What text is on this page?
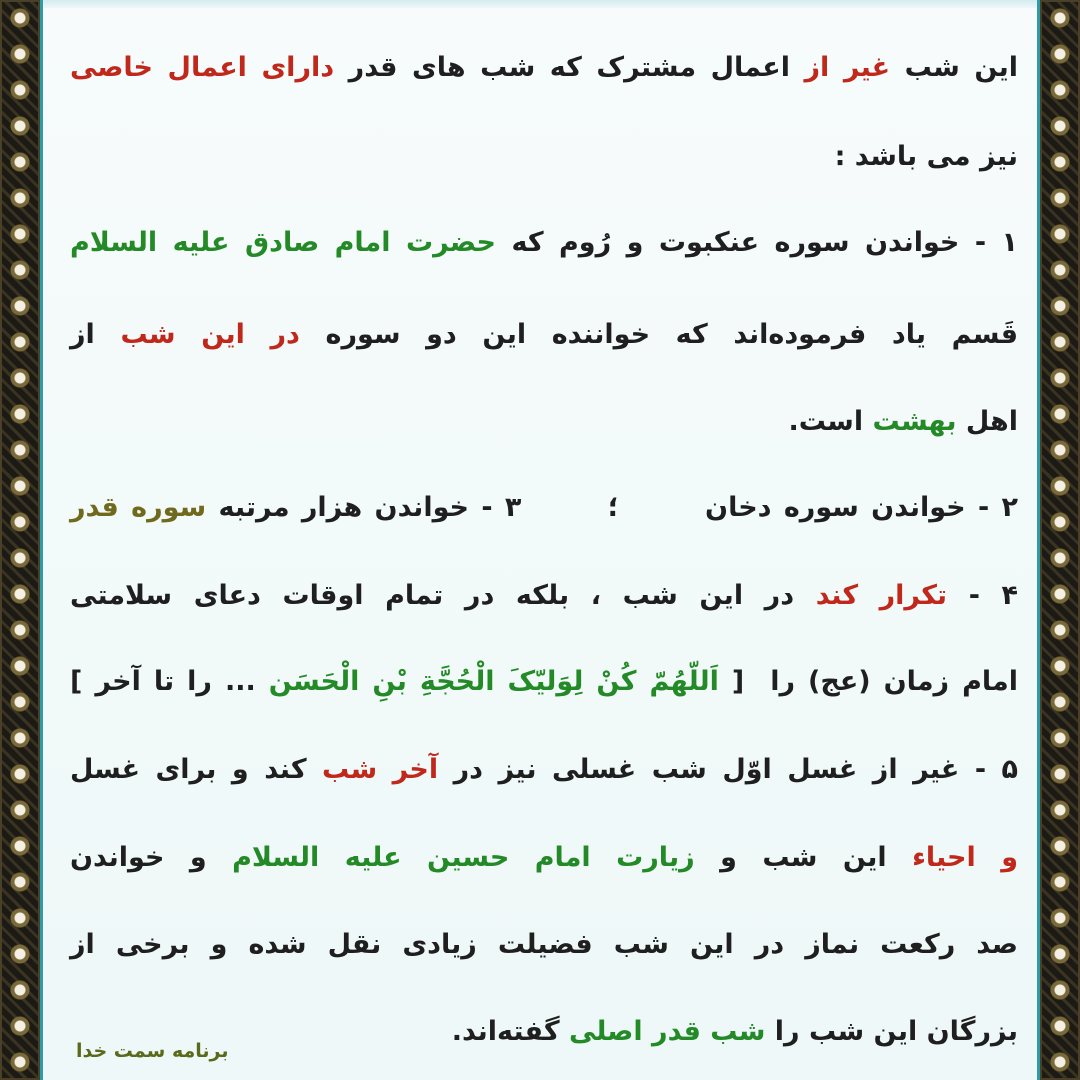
این شب غیر از اعمال مشترک که شب های قدر دارای اعمال خاصی
نیز می باشد :
۱ - خواندن سوره عنکبوت و رُوم که حضرت امام صادق علیه السلام
قَسم یاد فرموده‌اند که خواننده این دو سوره در این شب از
اهل بهشت است.
۲ - خواندن سوره دخان       ؛       ۳ - خواندن هزار مرتبه سوره قدر
۴ - تکرار کند در این شب ، بلکه در تمام اوقات دعای سلامتی
امام زمان (عج) را  [ اَللّهُمّ کُنْ لِوَلیّکَ الْحُجَّةِ بْنِ الْحَسَن ... را تا آخر ]
۵ - غیر از غسل اوّل شب غسلی نیز در آخر شب کند و برای غسل
و احیاء این شب و زیارت امام حسین علیه السلام و خواندن
صد رکعت نماز در این شب فضیلت زیادی نقل شده و برخی از
بزرگان این شب را شب قدر اصلی گفته‌اند.
برنامه سمت خدا
